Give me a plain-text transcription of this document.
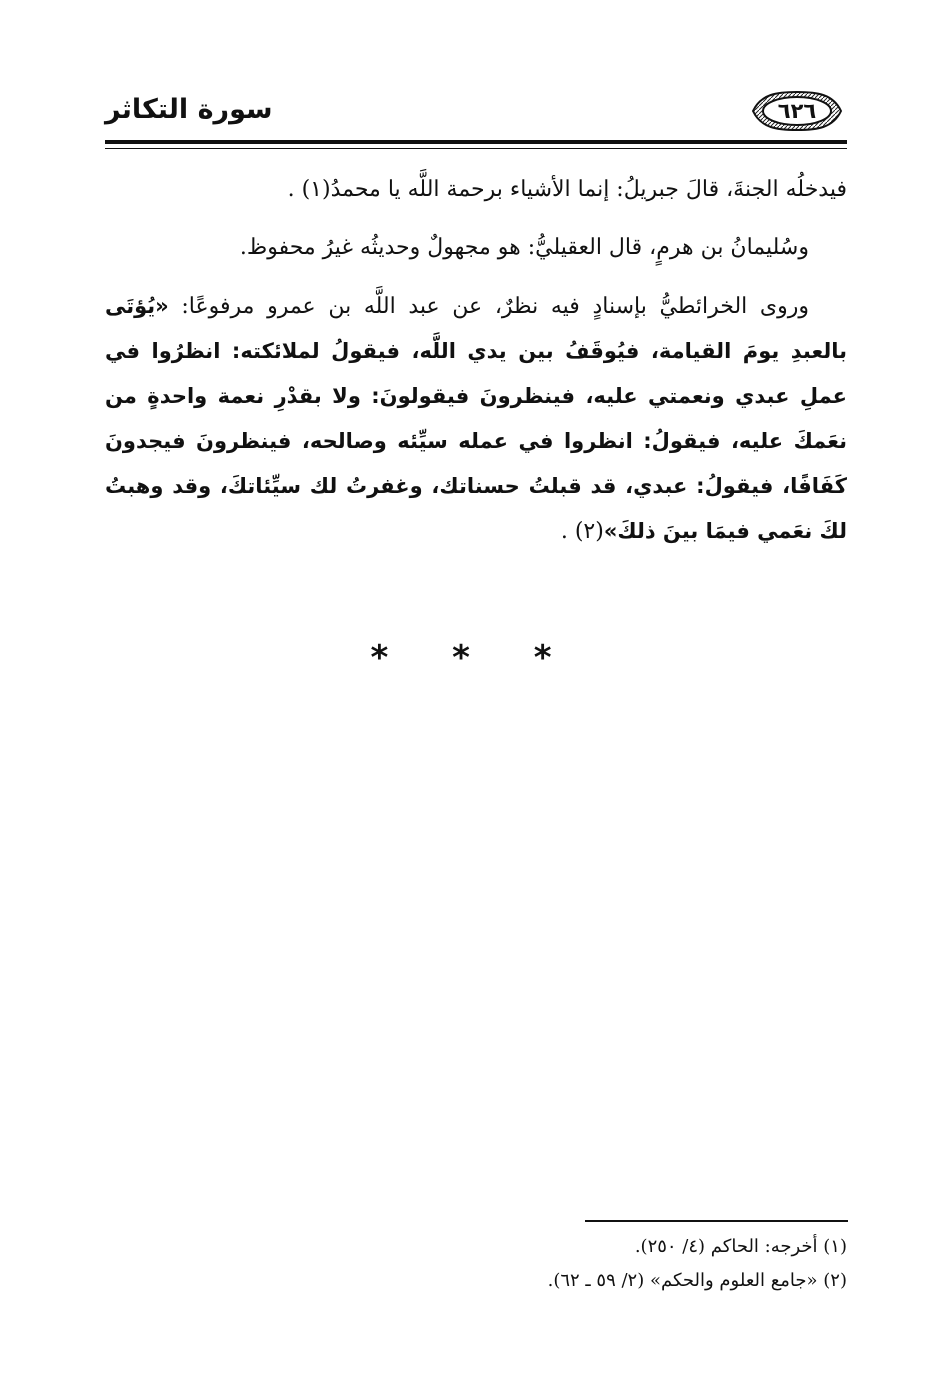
سورة التكاثر	٦٢٦

فيدخلُه الجنةَ، قالَ جبريلُ: إنما الأشياء برحمة اللَّه يا محمدُ(١) .

وسُليمانُ بن هرمٍ، قال العقيليُّ: هو مجهولٌ وحديثُه غيرُ محفوظ.

وروى الخرائطيُّ بإسنادٍ فيه نظرٌ، عن عبد اللَّه بن عمرو مرفوعًا: «يُؤتَى بالعبدِ يومَ القيامة، فيُوقَفُ بين يدي اللَّه، فيقولُ لملائكته: انظرُوا في عملِ عبدي ونعمتي عليه، فينظرونَ فيقولونَ: ولا بقدْرِ نعمة واحدةٍ من نعَمكَ عليه، فيقولُ: انظروا في عمله سيِّئه وصالحه، فينظرونَ فيجدونَ كَفَافًا، فيقولُ: عبدي، قد قبلتُ حسناتك، وغفرتُ لك سيِّئاتكَ، وقد وهبتُ لكَ نعَمي فيمَا بينَ ذلكَ»(٢) .

* * *

(١) أخرجه: الحاكم (٤/ ٢٥٠).

(٢) «جامع العلوم والحكم» (٢/ ٥٩ ـ ٦٢).
